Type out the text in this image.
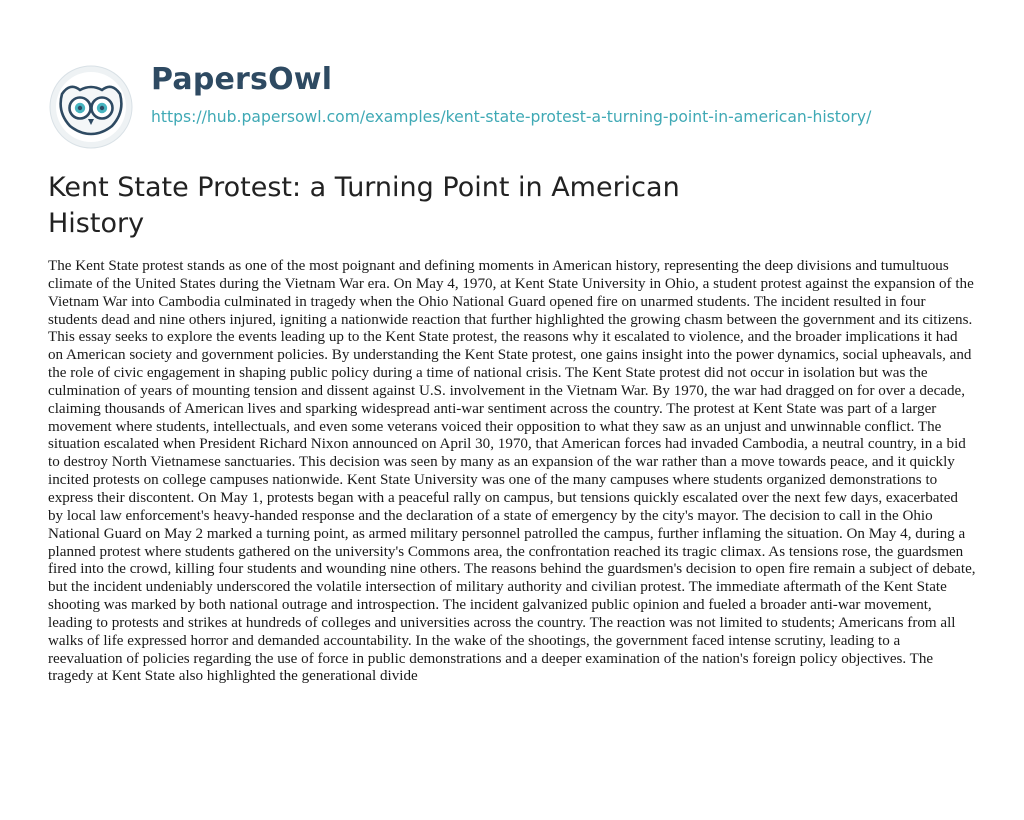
PapersOwl
https://hub.papersowl.com/examples/kent-state-protest-a-turning-point-in-american-history/
Kent State Protest: a Turning Point in American History

The Kent State protest stands as one of the most poignant and defining moments in American history, representing the deep divisions and tumultuous climate of the United States during the Vietnam War era. On May 4, 1970, at Kent State University in Ohio, a student protest against the expansion of the Vietnam War into Cambodia culminated in tragedy when the Ohio National Guard opened fire on unarmed students. The incident resulted in four students dead and nine others injured, igniting a nationwide reaction that further highlighted the growing chasm between the government and its citizens. This essay seeks to explore the events leading up to the Kent State protest, the reasons why it escalated to violence, and the broader implications it had on American society and government policies. By understanding the Kent State protest, one gains insight into the power dynamics, social upheavals, and the role of civic engagement in shaping public policy during a time of national crisis. The Kent State protest did not occur in isolation but was the culmination of years of mounting tension and dissent against U.S. involvement in the Vietnam War. By 1970, the war had dragged on for over a decade, claiming thousands of American lives and sparking widespread anti-war sentiment across the country. The protest at Kent State was part of a larger movement where students, intellectuals, and even some veterans voiced their opposition to what they saw as an unjust and unwinnable conflict. The situation escalated when President Richard Nixon announced on April 30, 1970, that American forces had invaded Cambodia, a neutral country, in a bid to destroy North Vietnamese sanctuaries. This decision was seen by many as an expansion of the war rather than a move towards peace, and it quickly incited protests on college campuses nationwide. Kent State University was one of the many campuses where students organized demonstrations to express their discontent. On May 1, protests began with a peaceful rally on campus, but tensions quickly escalated over the next few days, exacerbated by local law enforcement's heavy-handed response and the declaration of a state of emergency by the city's mayor. The decision to call in the Ohio National Guard on May 2 marked a turning point, as armed military personnel patrolled the campus, further inflaming the situation. On May 4, during a planned protest where students gathered on the university's Commons area, the confrontation reached its tragic climax. As tensions rose, the guardsmen fired into the crowd, killing four students and wounding nine others. The reasons behind the guardsmen's decision to open fire remain a subject of debate, but the incident undeniably underscored the volatile intersection of military authority and civilian protest. The immediate aftermath of the Kent State shooting was marked by both national outrage and introspection. The incident galvanized public opinion and fueled a broader anti-war movement, leading to protests and strikes at hundreds of colleges and universities across the country. The reaction was not limited to students; Americans from all walks of life expressed horror and demanded accountability. In the wake of the shootings, the government faced intense scrutiny, leading to a reevaluation of policies regarding the use of force in public demonstrations and a deeper examination of the nation's foreign policy objectives. The tragedy at Kent State also highlighted the generational divide
